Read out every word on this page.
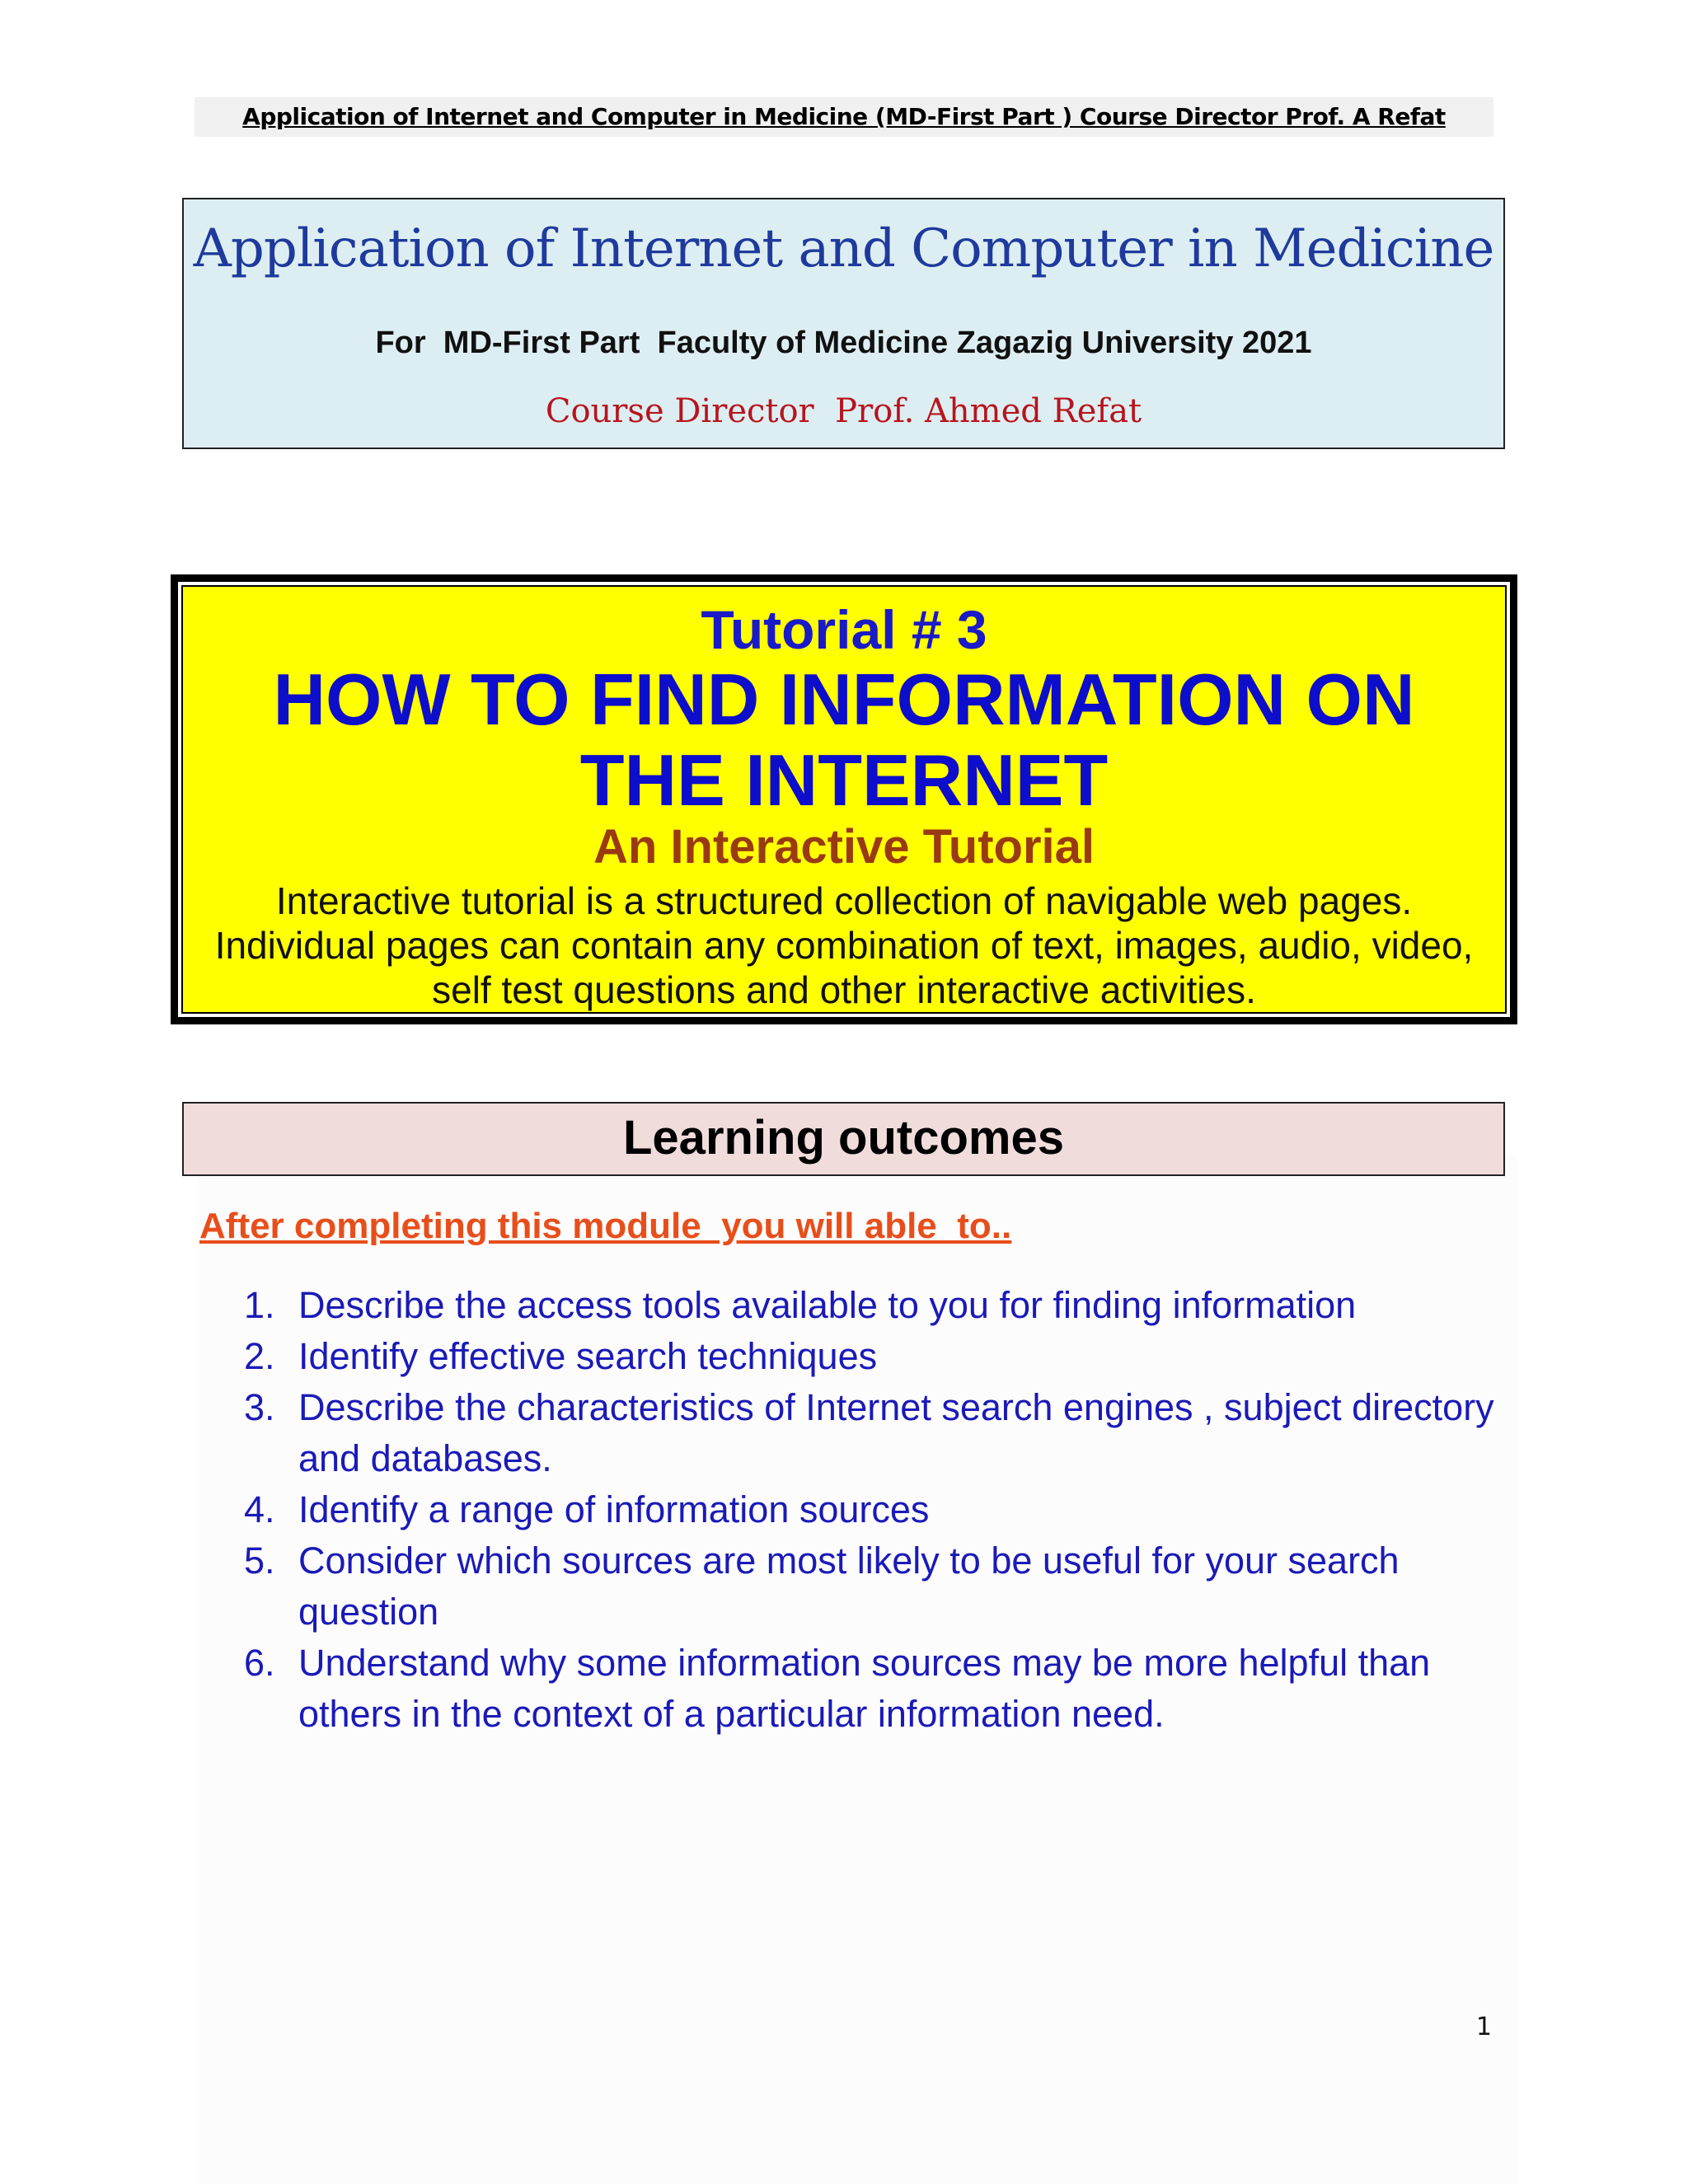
Application of Internet and Computer in Medicine (MD-First Part ) Course Director Prof. A Refat
Application of Internet and Computer in Medicine
For  MD-First Part  Faculty of Medicine Zagazig University 2021
Course Director  Prof. Ahmed Refat
Tutorial # 3
HOW TO FIND INFORMATION ON
THE INTERNET
An Interactive Tutorial
Interactive tutorial is a structured collection of navigable web pages.
Individual pages can contain any combination of text, images, audio, video,
self test questions and other interactive activities.
Learning outcomes
After completing this module  you will able  to..
1. Describe the access tools available to you for finding information
2. Identify effective search techniques
3. Describe the characteristics of Internet search engines , subject directory and databases.
4. Identify a range of information sources
5. Consider which sources are most likely to be useful for your search question
6. Understand why some information sources may be more helpful than others in the context of a particular information need.
1
